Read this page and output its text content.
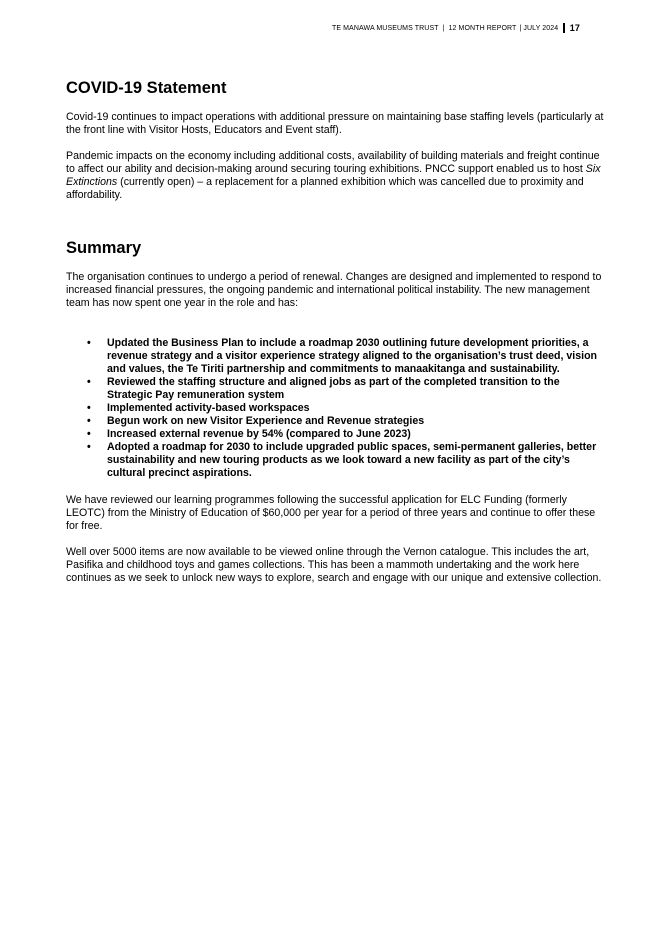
TE MANAWA MUSEUMS TRUST | 12 MONTH REPORT | JULY 2024 17
COVID-19 Statement

Covid-19 continues to impact operations with additional pressure on maintaining base staffing levels (particularly at the front line with Visitor Hosts, Educators and Event staff).

Pandemic impacts on the economy including additional costs, availability of building materials and freight continue to affect our ability and decision-making around securing touring exhibitions. PNCC support enabled us to host Six Extinctions (currently open) – a replacement for a planned exhibition which was cancelled due to proximity and affordability.

Summary

The organisation continues to undergo a period of renewal. Changes are designed and implemented to respond to increased financial pressures, the ongoing pandemic and international political instability. The new management team has now spent one year in the role and has:

• Updated the Business Plan to include a roadmap 2030 outlining future development priorities, a revenue strategy and a visitor experience strategy aligned to the organisation’s trust deed, vision and values, the Te Tiriti partnership and commitments to manaakitanga and sustainability.
• Reviewed the staffing structure and aligned jobs as part of the completed transition to the Strategic Pay remuneration system
• Implemented activity-based workspaces
• Begun work on new Visitor Experience and Revenue strategies
• Increased external revenue by 54% (compared to June 2023)
• Adopted a roadmap for 2030 to include upgraded public spaces, semi-permanent galleries, better sustainability and new touring products as we look toward a new facility as part of the city’s cultural precinct aspirations.

We have reviewed our learning programmes following the successful application for ELC Funding (formerly LEOTC) from the Ministry of Education of $60,000 per year for a period of three years and continue to offer these for free.

Well over 5000 items are now available to be viewed online through the Vernon catalogue. This includes the art, Pasifika and childhood toys and games collections. This has been a mammoth undertaking and the work here continues as we seek to unlock new ways to explore, search and engage with our unique and extensive collection.
